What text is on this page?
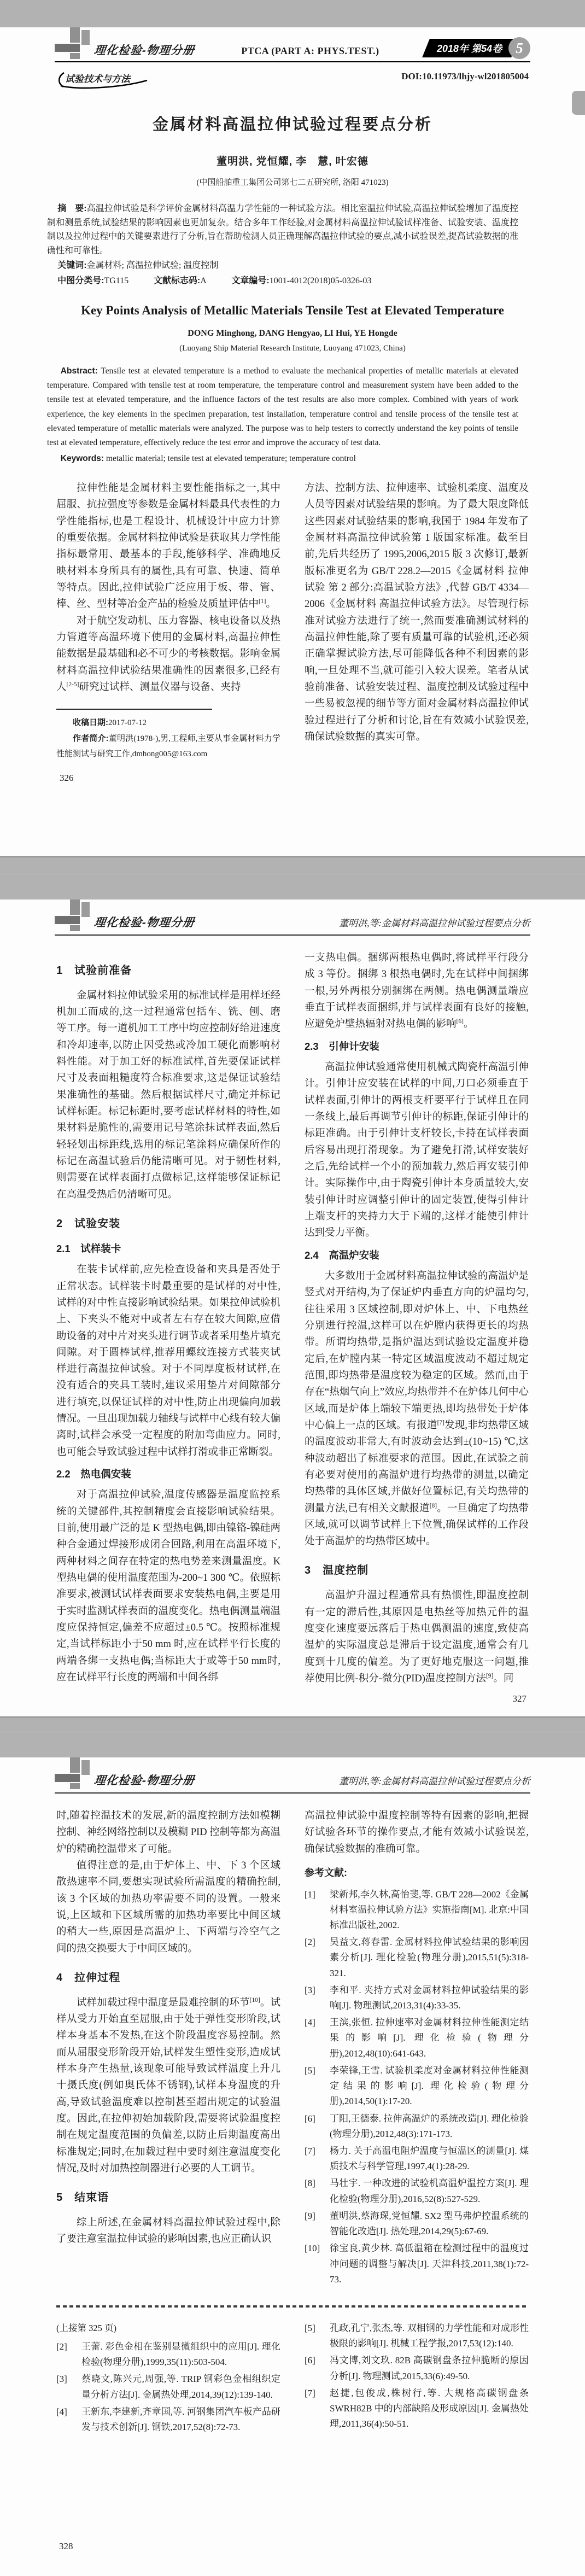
理化检验-物理分册	PTCA (PART A: PHYS.TEST.)	2018年 第54卷 5
试验技术与方法	DOI:10.11973/lhjy-wl201805004
金属材料高温拉伸试验过程要点分析
董明洪, 党恒耀, 李　慧, 叶宏德
(中国船舶重工集团公司第七二五研究所, 洛阳 471023)
摘　要:高温拉伸试验是科学评价金属材料高温力学性能的一种试验方法。相比室温拉伸试验,高温拉伸试验增加了温度控制和测量系统,试验结果的影响因素也更加复杂。结合多年工作经验,对金属材料高温拉伸试验试样准备、试验安装、温度控制以及拉伸过程中的关键要素进行了分析,旨在帮助检测人员正确理解高温拉伸试验的要点,减小试验误差,提高试验数据的准确性和可靠性。
关键词:金属材料; 高温拉伸试验; 温度控制
中图分类号:TG115	文献标志码:A	文章编号:1001-4012(2018)05-0326-03
Key Points Analysis of Metallic Materials Tensile Test at Elevated Temperature
DONG Minghong, DANG Hengyao, LI Hui, YE Hongde
(Luoyang Ship Material Research Institute, Luoyang 471023, China)
Abstract: Tensile test at elevated temperature is a method to evaluate the mechanical properties of metallic materials at elevated temperature. Compared with tensile test at room temperature, the temperature control and measurement system have been added to the tensile test at elevated temperature, and the influence factors of the test results are also more complex. Combined with years of work experience, the key elements in the specimen preparation, test installation, temperature control and tensile process of the tensile test at elevated temperature of metallic materials were analyzed. The purpose was to help testers to correctly understand the key points of tensile test at elevated temperature, effectively reduce the test error and improve the accuracy of test data.
Keywords: metallic material; tensile test at elevated temperature; temperature control
拉伸性能是金属材料主要性能指标之一,其中屈服、抗拉强度等参数是金属材料最具代表性的力学性能指标,也是工程设计、机械设计中应力计算的重要依据。金属材料拉伸试验是获取其力学性能指标最常用、最基本的手段,能够科学、准确地反映材料本身所具有的属性,具有可靠、快速、简单等特点。因此,拉伸试验广泛应用于板、带、管、棒、丝、型材等冶金产品的检验及质量评估中[1]。
对于航空发动机、压力容器、核电设备以及热力管道等高温环境下使用的金属材料,高温拉伸性能数据是最基础和必不可少的考核数据。影响金属材料高温拉伸试验结果准确性的因素很多,已经有人[2-5]研究过试样、测量仪器与设备、夹持

收稿日期:2017-07-12

作者简介:董明洪(1978-),男,工程师,主要从事金属材料力学性能测试与研究工作,dmhong005@163.com

326
方法、控制方法、拉伸速率、试验机柔度、温度及人员等因素对试验结果的影响。为了最大限度降低这些因素对试验结果的影响,我国于 1984 年发布了金属材料高温拉伸试验第 1 版国家标准。截至目前,先后共经历了 1995,2006,2015 版 3 次修订,最新版标准更名为 GB/T 228.2—2015《金属材料 拉伸试验 第 2 部分:高温试验方法》,代替 GB/T 4334—2006《金属材料 高温拉伸试验方法》。尽管现行标准对试验方法进行了统一,然而要准确测试材料的高温拉伸性能,除了要有质量可靠的试验机,还必须正确掌握试验方法,尽可能降低各种不利因素的影响,一旦处理不当,就可能引入较大误差。笔者从试验前准备、试验安装过程、温度控制及试验过程中一些易被忽视的细节等方面对金属材料高温拉伸试验过程进行了分析和讨论,旨在有效减小试验误差,确保试验数据的真实可靠。
理化检验-物理分册	董明洪,等:金属材料高温拉伸试验过程要点分析
1　试验前准备
金属材料拉伸试验采用的标准试样是用样坯经机加工而成的,这一过程通常包括车、铣、刨、磨等工序。每一道机加工工序中均应控制好给进速度和冷却速率,以防止因受热或冷加工硬化而影响材料性能。对于加工好的标准试样,首先要保证试样尺寸及表面粗糙度符合标准要求,这是保证试验结果准确性的基础。然后根据试样尺寸,确定并标记试样标距。标记标距时,要考虑试样材料的特性,如果材料是脆性的,需要用记号笔涂抹试样表面,然后轻轻划出标距线,选用的标记笔涂料应确保所作的标记在高温试验后仍能清晰可见。对于韧性材料,则需要在试样表面打点做标记,这样能够保证标记在高温受热后仍清晰可见。
2　试验安装
2.1　试样装卡
在装卡试样前,应先检查设备和夹具是否处于正常状态。试样装卡时最重要的是试样的对中性,试样的对中性直接影响试验结果。如果拉伸试验机上、下夹头不能对中或者左右存在较大间隙,应借助设备的对中片对夹头进行调节或者采用垫片填充间隙。对于圆棒试样,推荐用螺纹连接方式装夹试样进行高温拉伸试验。对于不同厚度板材试样,在没有适合的夹具工装时,建议采用垫片对间隙部分进行填充,以保证试样的对中性,防止出现偏向加载情况。一旦出现加载力轴线与试样中心线有较大偏离时,试样会承受一定程度的附加弯曲应力。同时,也可能会导致试验过程中试样打滑或非正常断裂。
2.2　热电偶安装
对于高温拉伸试验,温度传感器是温度监控系统的关键部件,其控制精度会直接影响试验结果。目前,使用最广泛的是 K 型热电偶,即由镍铬-镍硅两种合金通过焊接形成闭合回路,利用在高温环境下,两种材料之间存在特定的热电势差来测量温度。K 型热电偶的使用温度范围为-200~1 300 ℃。依照标准要求,被测试试样表面要求安装热电偶,主要是用于实时监测试样表面的温度变化。热电偶测量端温度应保持恒定,偏差不应超过±0.5 ℃。按照标准规定,当试样标距小于50 mm 时,应在试样平行长度的两端各绑一支热电偶;当标距大于或等于50 mm时,应在试样平行长度的两端和中间各绑
一支热电偶。捆绑两根热电偶时,将试样平行段分成 3 等份。捆绑 3 根热电偶时,先在试样中间捆绑一根,另外两根分别捆绑在两侧。热电偶测量端应垂直于试样表面捆绑,并与试样表面有良好的接触,应避免炉壁热辐射对热电偶的影响[6]。
2.3　引伸计安装
高温拉伸试验通常使用机械式陶瓷杆高温引伸计。引伸计应安装在试样的中间,刀口必须垂直于试样表面,引伸计的两根支杆要平行于试样且在同一条线上,最后再调节引伸计的标距,保证引伸计的标距准确。由于引伸计支杆较长,卡持在试样表面后容易出现打滑现象。为了避免打滑,试样安装好之后,先给试样一个小的预加载力,然后再安装引伸计。实际操作中,由于陶瓷引伸计本身质量较大,安装引伸计时应调整引伸计的固定装置,使得引伸计上端支杆的夹持力大于下端的,这样才能使引伸计达到受力平衡。
2.4　高温炉安装
大多数用于金属材料高温拉伸试验的高温炉是竖式对开结构,为了保证炉内垂直方向的炉温均匀,往往采用 3 区域控制,即对炉体上、中、下电热丝分别进行控温,这样可以在炉膛内获得更长的均热带。所谓均热带,是指炉温达到试验设定温度并稳定后,在炉膛内某一特定区域温度波动不超过规定范围,即均热带是温度较为稳定的区域。然而,由于存在“热烟气向上”效应,均热带并不在炉体几何中心区域,而是炉体上端较下端更热,即均热带处于炉体中心偏上一点的区域。有报道[7]发现,非均热带区域的温度波动非常大,有时波动会达到±(10~15) ℃,这种波动超出了标准要求的范围。因此,在试验之前有必要对使用的高温炉进行均热带的测量,以确定均热带的具体区域,并做好位置标记,有关均热带的测量方法,已有相关文献报道[8]。一旦确定了均热带区域,就可以调节试样上下位置,确保试样的工作段处于高温炉的均热带区域中。
3　温度控制
高温炉升温过程通常具有热惯性,即温度控制有一定的滞后性,其原因是电热丝等加热元件的温度变化速度要远落后于热电偶测温的速度,致使高温炉的实际温度总是滞后于设定温度,通常会有几度到十几度的偏差。为了更好地克服这一问题,推荐使用比例-积分-微分(PID)温度控制方法[9]。同
327
理化检验-物理分册	董明洪,等:金属材料高温拉伸试验过程要点分析
时,随着控温技术的发展,新的温度控制方法如模糊控制、神经网络控制以及模糊 PID 控制等都为高温炉的精确控温带来了可能。
值得注意的是,由于炉体上、中、下 3 个区域散热速率不同,要想实现试验所需温度的精确控制,该 3 个区域的加热功率需要不同的设置。一般来说,上区域和下区域所需的加热功率要比中间区域的稍大一些,原因是高温炉上、下两端与冷空气之间的热交换要大于中间区域的。
4　拉伸过程
试样加载过程中温度是最难控制的环节[10]。试样从受力开始直至屈服,由于处于弹性变形阶段,试样本身基本不发热,在这个阶段温度容易控制。然而从屈服变形阶段开始,试样发生塑性变形,造成试样本身产生热量,该现象可能导致试样温度上升几十摄氏度(例如奥氏体不锈钢),试样本身温度的升高,导致试验温度难以控制甚至超出规定的试验温度。因此,在拉伸初始加载阶段,需要将试验温度控制在规定温度范围的负偏差,以防止后期温度高出标准规定;同时,在加载过程中要时刻注意温度变化情况,及时对加热控制器进行必要的人工调节。
5　结束语
综上所述,在金属材料高温拉伸试验过程中,除了要注意室温拉伸试验的影响因素,也应正确认识
高温拉伸试验中温度控制等特有因素的影响,把握好试验各环节的操作要点,才能有效减小试验误差,确保试验数据的准确可靠。
参考文献:
[1]	梁新邦,李久林,高怡斐,等. GB/T 228—2002《金属材料室温拉伸试验方法》实施指南[M]. 北京:中国标准出版社,2002.
[2]	吴益文,蒋春雷. 金属材料拉伸试验结果的影响因素分析[J]. 理化检验(物理分册),2015,51(5):318-321.
[3]	李和平. 夹持方式对金属材料拉伸试验结果的影响[J]. 物理测试,2013,31(4):33-35.
[4]	王滨,张恒. 拉伸速率对金属材料拉伸性能测定结果的影响[J]. 理化检验(物理分册),2012,48(10):641-643.
[5]	李荣锋,王雪. 试验机柔度对金属材料拉伸性能测定结果的影响[J]. 理化检验(物理分册),2014,50(1):17-20.
[6]	丁阳,王德泰. 拉伸高温炉的系统改造[J]. 理化检验(物理分册),2012,48(3):171-173.
[7]	杨力. 关于高温电阻炉温度与恒温区的测量[J]. 煤质技术与科学管理,1997,4(1):28-29.
[8]	马壮宇. 一种改进的试验机高温炉温控方案[J]. 理化检验(物理分册),2016,52(8):527-529.
[9]	董明洪,蔡海琛,党恒耀. SX2 型马弗炉控温系统的智能化改造[J]. 热处理,2014,29(5):67-69.
[10]	徐宝良,黄少林. 高低温箱在检测过程中的温度过冲问题的调整与解决[J]. 天津科技,2011,38(1):72-73.

(上接第 325 页)

[2]	王蕾. 彩色金相在鉴别显微组织中的应用[J]. 理化检验(物理分册),1999,35(11):503-504.
[3]	蔡晓文,陈兴元,周强,等. TRIP 钢彩色金相组织定量分析方法[J]. 金属热处理,2014,39(12):139-140.
[4]	王新东,李建新,齐章国,等. 河钢集团汽车板产品研发与技术创新[J]. 钢铁,2017,52(8):72-73.
[5]	孔政,孔宁,张杰,等. 双相钢的力学性能和对成形性极限的影响[J]. 机械工程学报,2017,53(12):140.
[6]	冯文博,刘文玖. 82B 高碳钢盘条拉伸脆断的原因分析[J]. 物理测试,2015,33(6):49-50.
[7]	赵捷,包俊成,株树行,等. 大规格高碳钢盘条 SWRH82B 中的内部缺陷及形成原因[J]. 金属热处理,2011,36(4):50-51.
328
